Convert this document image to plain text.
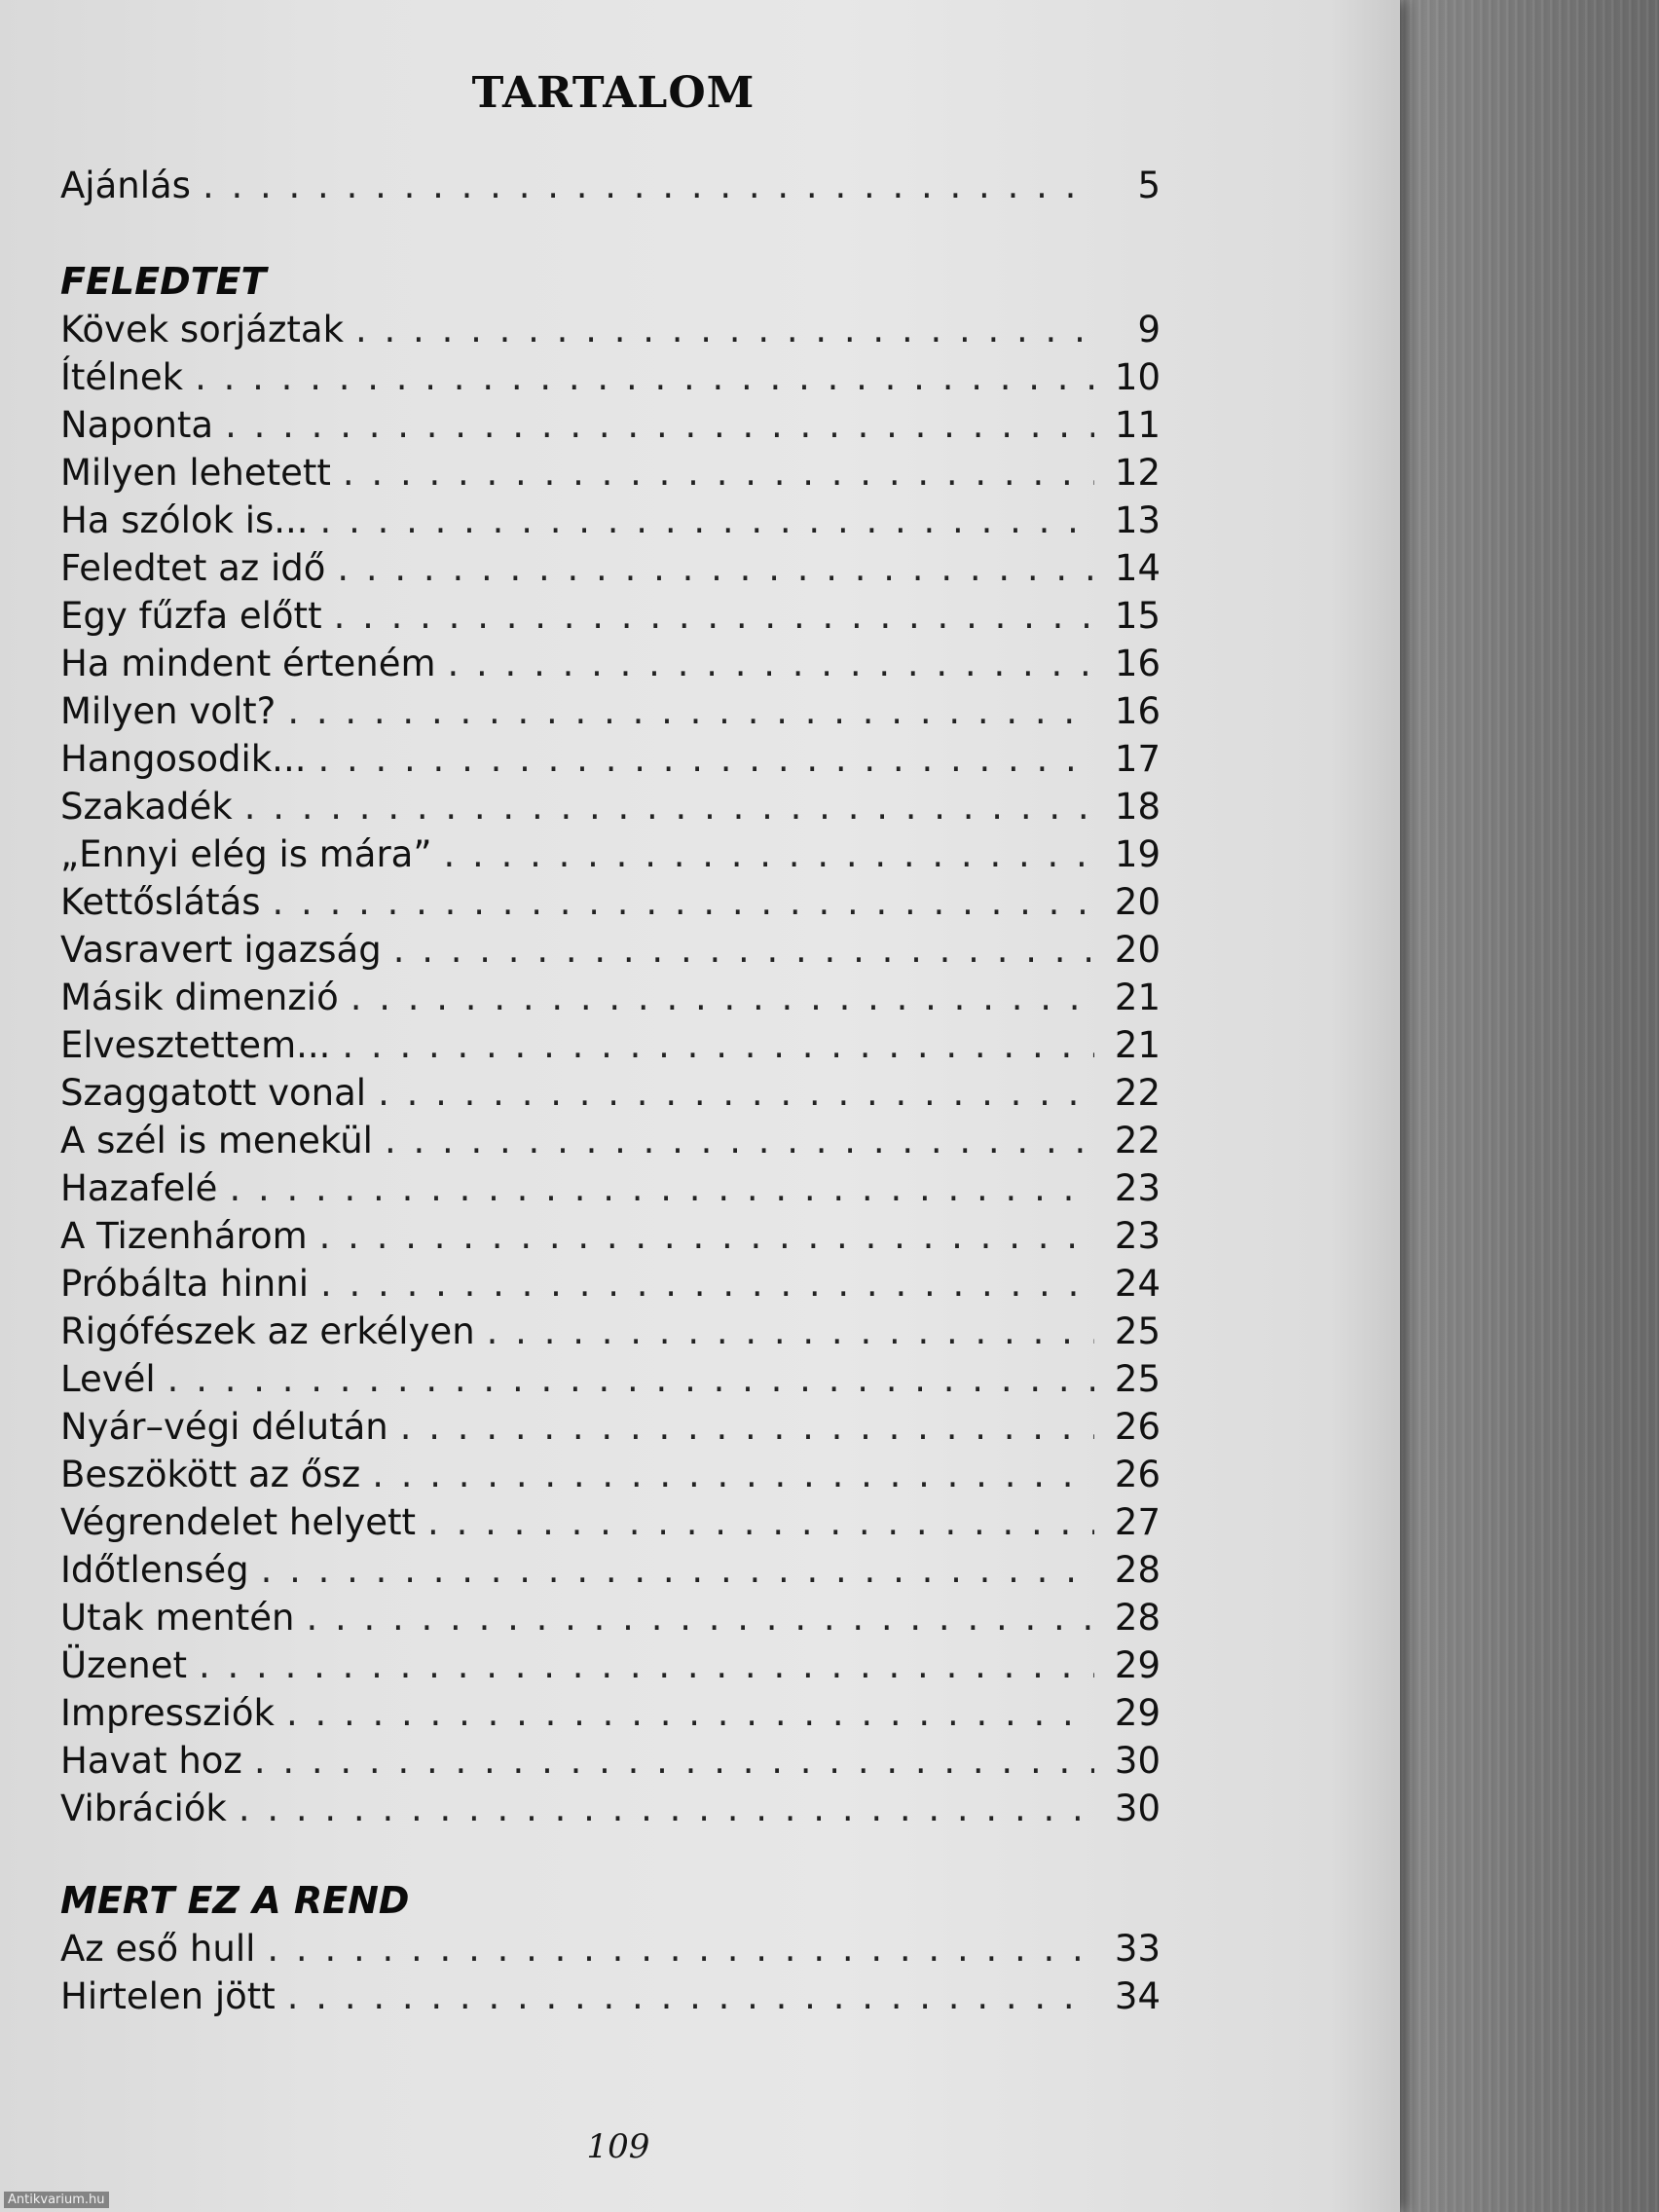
TARTALOM
Ajánlás . . .	5
FELEDTET
Kövek sorjáztak . . .	9
Ítélnek . . .	10
Naponta . . .	11
Milyen lehetett . . .	12
Ha szólok is... . . .	13
Feledtet az idő . . .	14
Egy fűzfa előtt . . .	15
Ha mindent érteném . . .	16
Milyen volt? . . .	16
Hangosodik... . . .	17
Szakadék . . .	18
„Ennyi elég is mára” . . .	19
Kettőslátás . . .	20
Vasravert igazság . . .	20
Másik dimenzió . . .	21
Elvesztettem... . . .	21
Szaggatott vonal . . .	22
A szél is menekül . . .	22
Hazafelé . . .	23
A Tizenhárom . . .	23
Próbálta hinni . . .	24
Rigófészek az erkélyen . . .	25
Levél . . .	25
Nyár–végi délután . . .	26
Beszökött az ősz . . .	26
Végrendelet helyett . . .	27
Időtlenség . . .	28
Utak mentén . . .	28
Üzenet . . .	29
Impressziók . . .	29
Havat hoz . . .	30
Vibrációk . . .	30
MERT EZ A REND
Az eső hull . . .	33
Hirtelen jött . . .	34
109
Antikvarium.hu
